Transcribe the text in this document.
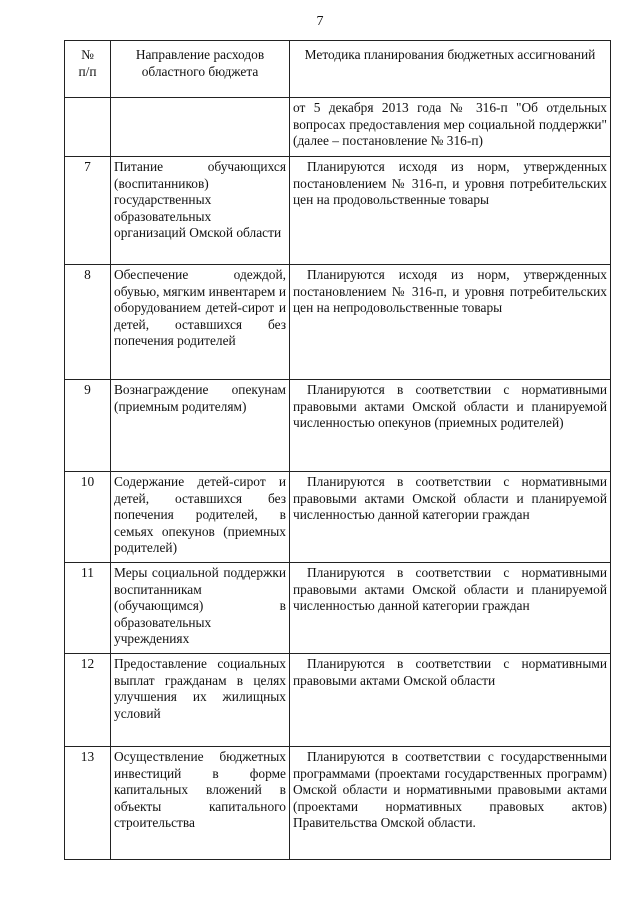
7
№
п/п	Направление расходов областного бюджета	Методика планирования бюджетных ассигнований
		от 5 декабря 2013 года № 316-п "Об отдельных вопросах предоставления мер социальной поддержки" (далее – постановление № 316-п)
7	Питание обучающихся (воспитанников) государственных образовательных организаций Омской области	Планируются исходя из норм, утвержденных постановлением № 316-п, и уровня потребительских цен на продовольственные товары
8	Обеспечение одеждой, обувью, мягким инвентарем и оборудованием детей-сирот и детей, оставшихся без попечения родителей	Планируются исходя из норм, утвержденных постановлением № 316-п, и уровня потребительских цен на непродовольственные товары
9	Вознаграждение опекунам (приемным родителям)	Планируются в соответствии с нормативными правовыми актами Омской области и планируемой численностью опекунов (приемных родителей)
10	Содержание детей-сирот и детей, оставшихся без попечения родителей, в семьях опекунов (приемных родителей)	Планируются в соответствии с нормативными правовыми актами Омской области и планируемой численностью данной категории граждан
11	Меры социальной поддержки воспитанникам (обучающимся) в образовательных учреждениях	Планируются в соответствии с нормативными правовыми актами Омской области и планируемой численностью данной категории граждан
12	Предоставление социальных выплат гражданам в целях улучшения их жилищных условий	Планируются в соответствии с нормативными правовыми актами Омской области
13	Осуществление бюджетных инвестиций в форме капитальных вложений в объекты капитального строительства	Планируются в соответствии с государственными программами (проектами государственных программ) Омской области и нормативными правовыми актами (проектами нормативных правовых актов) Правительства Омской области.
